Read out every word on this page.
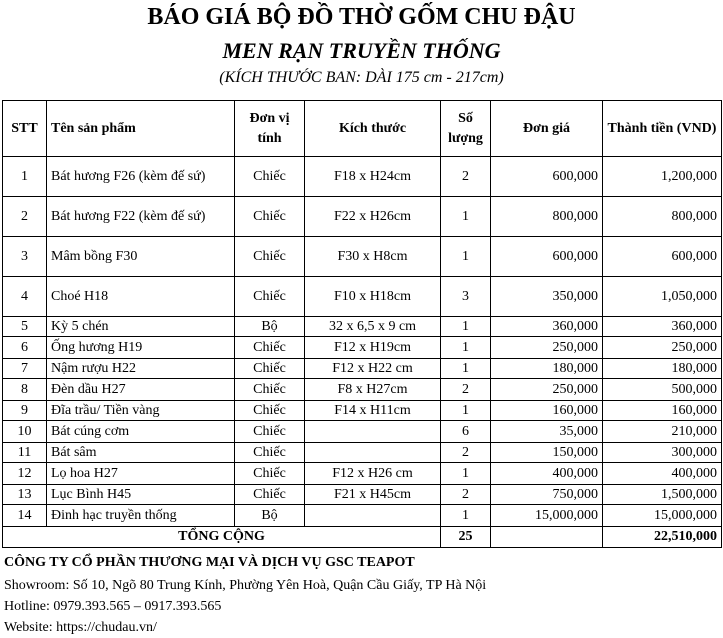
BÁO GIÁ BỘ ĐỒ THỜ GỐM CHU ĐẬU
MEN RẠN TRUYỀN THỐNG
(KÍCH THƯỚC BAN: DÀI 175 cm - 217cm)
STT	Tên sản phẩm	Đơn vị tính	Kích thước	Số lượng	Đơn giá	Thành tiền (VND)
1	Bát hương F26 (kèm đế sứ)	Chiếc	F18 x H24cm	2	600,000	1,200,000
2	Bát hương F22 (kèm đế sứ)	Chiếc	F22 x H26cm	1	800,000	800,000
3	Mâm bồng F30	Chiếc	F30 x H8cm	1	600,000	600,000
4	Choé H18	Chiếc	F10 x H18cm	3	350,000	1,050,000
5	Kỳ 5 chén	Bộ	32 x 6,5 x 9 cm	1	360,000	360,000
6	Ống hương H19	Chiếc	F12 x H19cm	1	250,000	250,000
7	Nậm rượu H22	Chiếc	F12 x H22 cm	1	180,000	180,000
8	Đèn dầu H27	Chiếc	F8 x H27cm	2	250,000	500,000
9	Đĩa trầu/ Tiền vàng	Chiếc	F14 x H11cm	1	160,000	160,000
10	Bát cúng cơm	Chiếc		6	35,000	210,000
11	Bát sâm	Chiếc		2	150,000	300,000
12	Lọ hoa H27	Chiếc	F12 x H26 cm	1	400,000	400,000
13	Lục Bình H45	Chiếc	F21 x H45cm	2	750,000	1,500,000
14	Đinh hạc truyền thống	Bộ		1	15,000,000	15,000,000
TỔNG CỘNG				25		22,510,000
CÔNG TY CỔ PHẦN THƯƠNG MẠI VÀ DỊCH VỤ GSC TEAPOT
Showroom: Số 10, Ngõ 80 Trung Kính, Phường Yên Hoà, Quận Cầu Giấy, TP Hà Nội
Hotline: 0979.393.565 – 0917.393.565
Website: https://chudau.vn/
